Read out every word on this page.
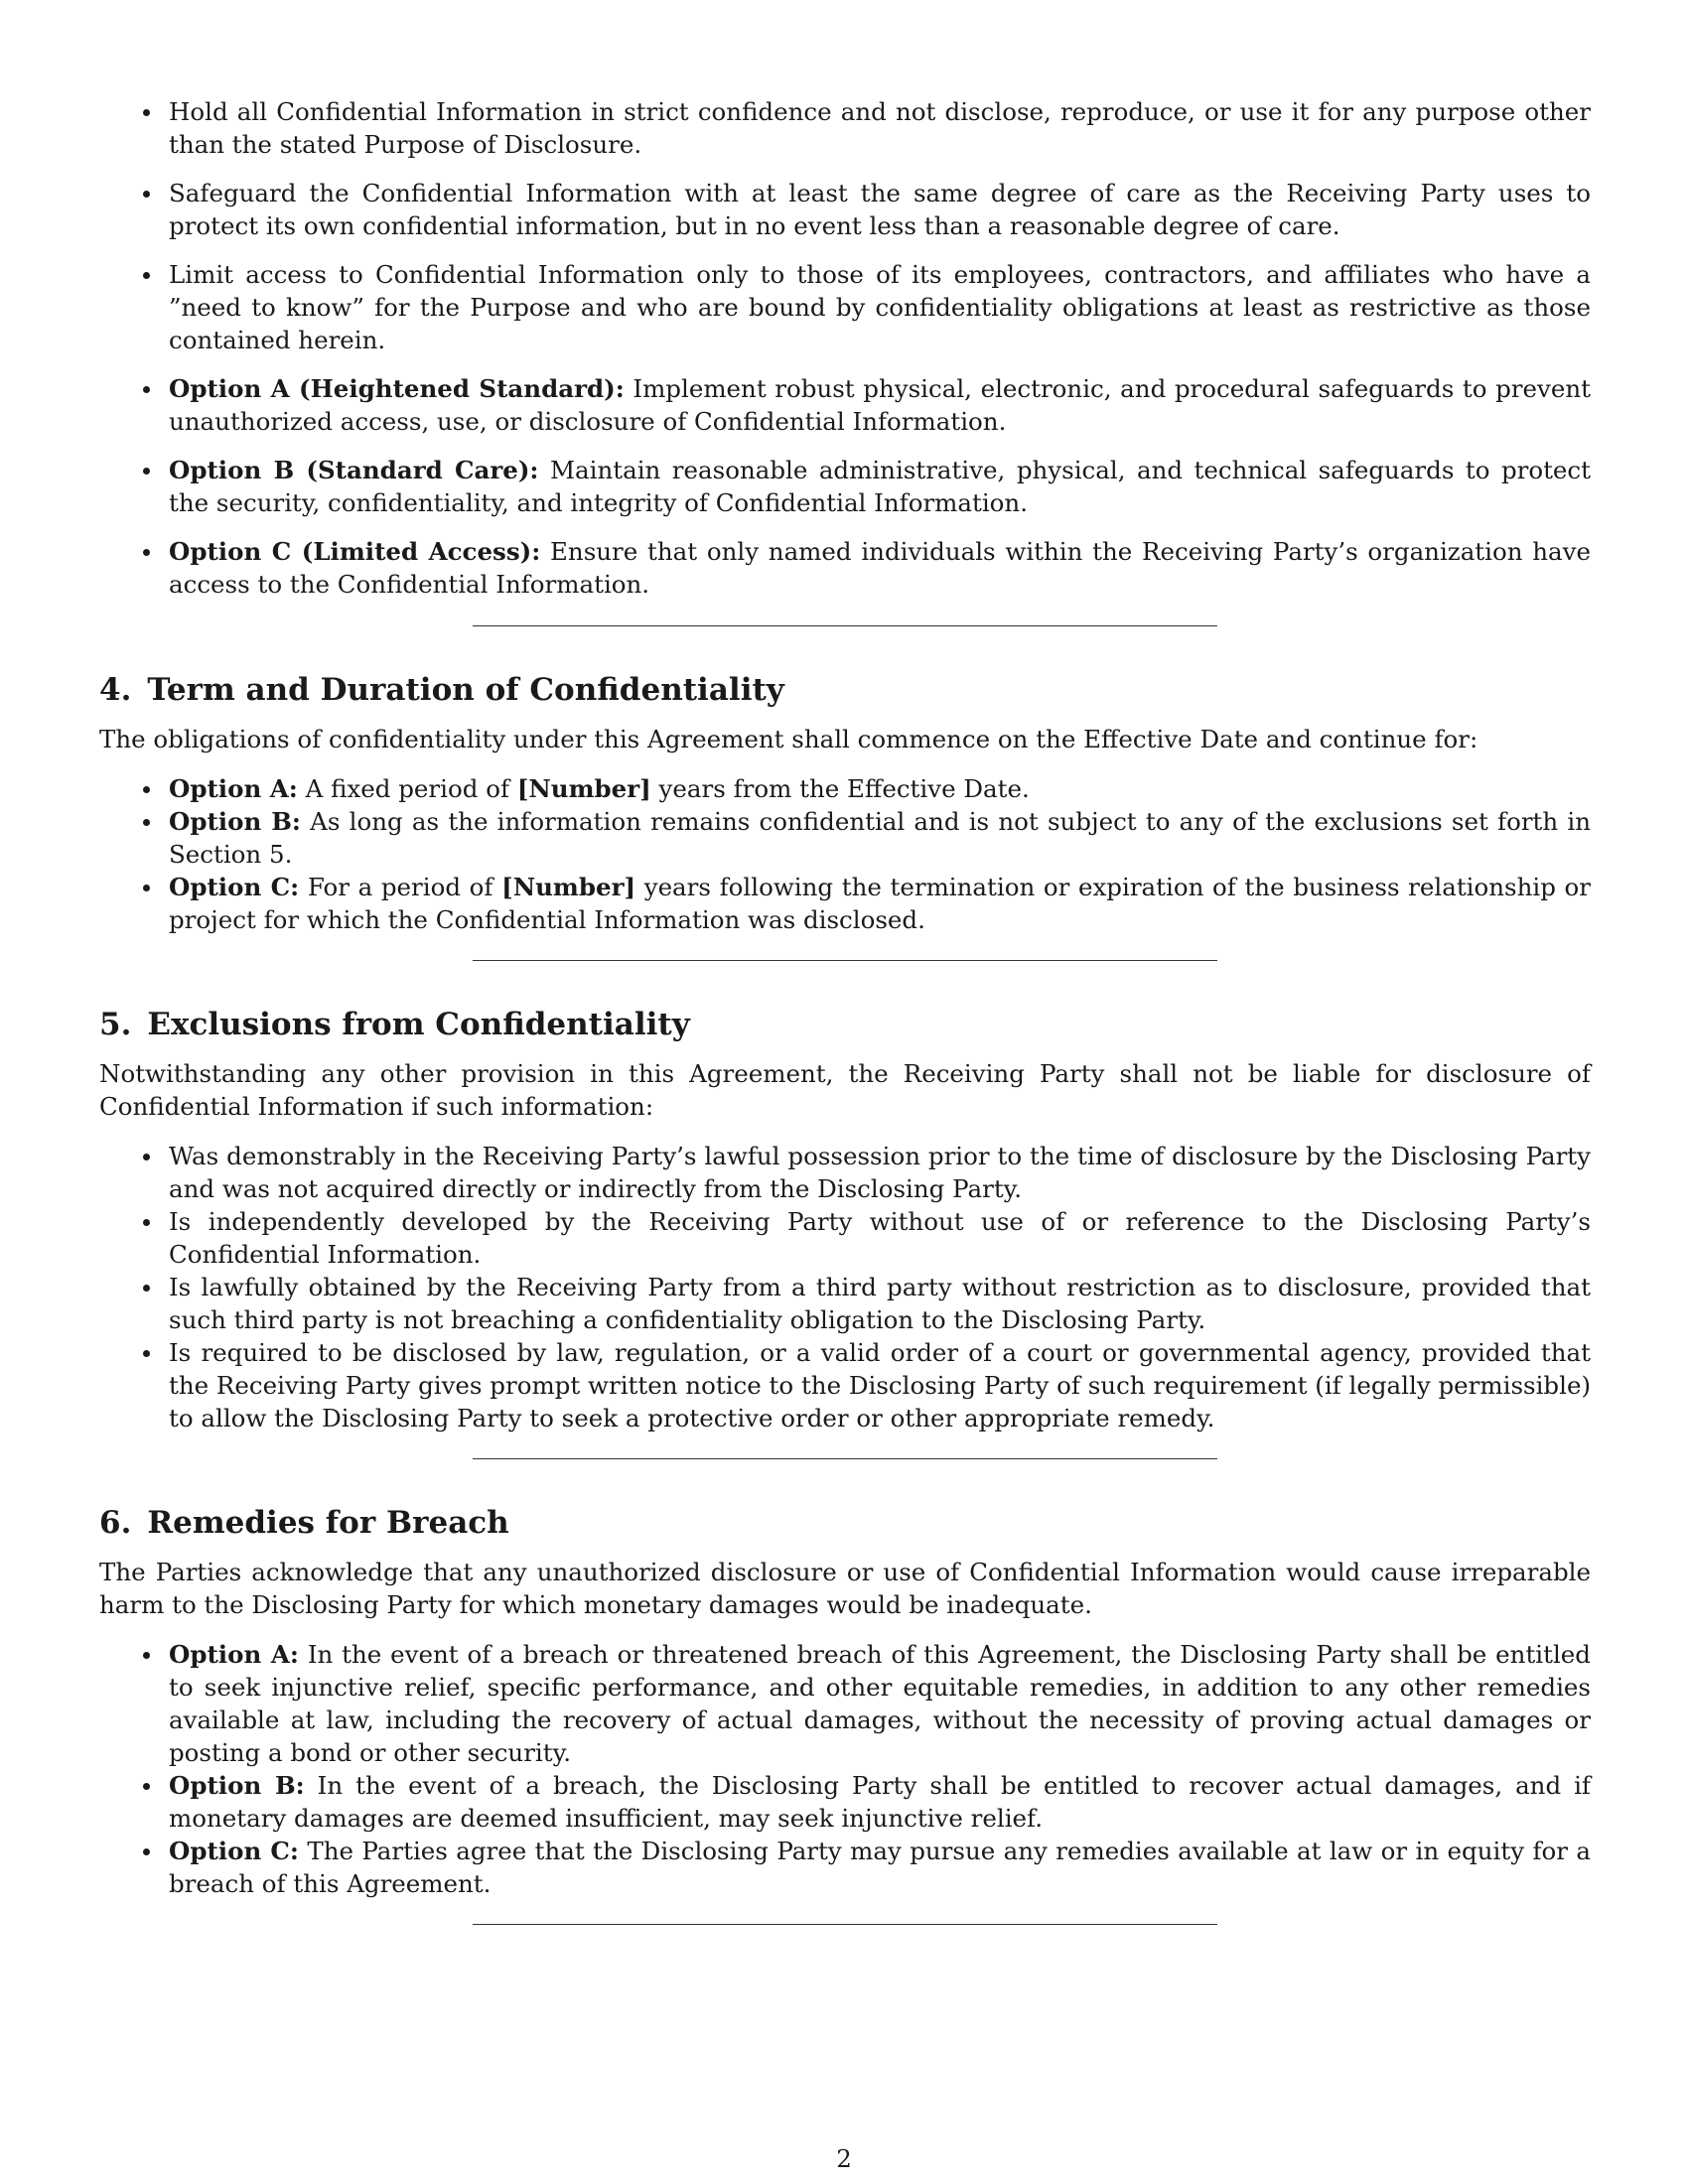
Hold all Confidential Information in strict confidence and not disclose, reproduce, or use it for any purpose other than the stated Purpose of Disclosure.
Safeguard the Confidential Information with at least the same degree of care as the Receiving Party uses to protect its own confidential information, but in no event less than a reasonable degree of care.
Limit access to Confidential Information only to those of its employees, contractors, and affiliates who have a ”need to know” for the Purpose and who are bound by confidentiality obligations at least as restrictive as those contained herein.
Option A (Heightened Standard): Implement robust physical, electronic, and procedural safeguards to prevent unauthorized access, use, or disclosure of Confidential Information.
Option B (Standard Care): Maintain reasonable administrative, physical, and technical safeguards to protect the security, confidentiality, and integrity of Confidential Information.
Option C (Limited Access): Ensure that only named individuals within the Receiving Party’s organization have access to the Confidential Information.
4. Term and Duration of Confidentiality

The obligations of confidentiality under this Agreement shall commence on the Effective Date and continue for:

Option A: A fixed period of [Number] years from the Effective Date.
Option B: As long as the information remains confidential and is not subject to any of the exclusions set forth in Section 5.
Option C: For a period of [Number] years following the termination or expiration of the business relationship or project for which the Confidential Information was disclosed.
5. Exclusions from Confidentiality

Notwithstanding any other provision in this Agreement, the Receiving Party shall not be liable for disclosure of Confidential Information if such information:

Was demonstrably in the Receiving Party’s lawful possession prior to the time of disclosure by the Disclosing Party and was not acquired directly or indirectly from the Disclosing Party.
Is independently developed by the Receiving Party without use of or reference to the Disclosing Party’s Confidential Information.
Is lawfully obtained by the Receiving Party from a third party without restriction as to disclosure, provided that such third party is not breaching a confidentiality obligation to the Disclosing Party.
Is required to be disclosed by law, regulation, or a valid order of a court or governmental agency, provided that the Receiving Party gives prompt written notice to the Disclosing Party of such requirement (if legally permissible) to allow the Disclosing Party to seek a protective order or other appropriate remedy.
6. Remedies for Breach

The Parties acknowledge that any unauthorized disclosure or use of Confidential Information would cause irreparable harm to the Disclosing Party for which monetary damages would be inadequate.

Option A: In the event of a breach or threatened breach of this Agreement, the Disclosing Party shall be entitled to seek injunctive relief, specific performance, and other equitable remedies, in addition to any other remedies available at law, including the recovery of actual damages, without the necessity of proving actual damages or posting a bond or other security.
Option B: In the event of a breach, the Disclosing Party shall be entitled to recover actual damages, and if monetary damages are deemed insufficient, may seek injunctive relief.
Option C: The Parties agree that the Disclosing Party may pursue any remedies available at law or in equity for a breach of this Agreement.
2
